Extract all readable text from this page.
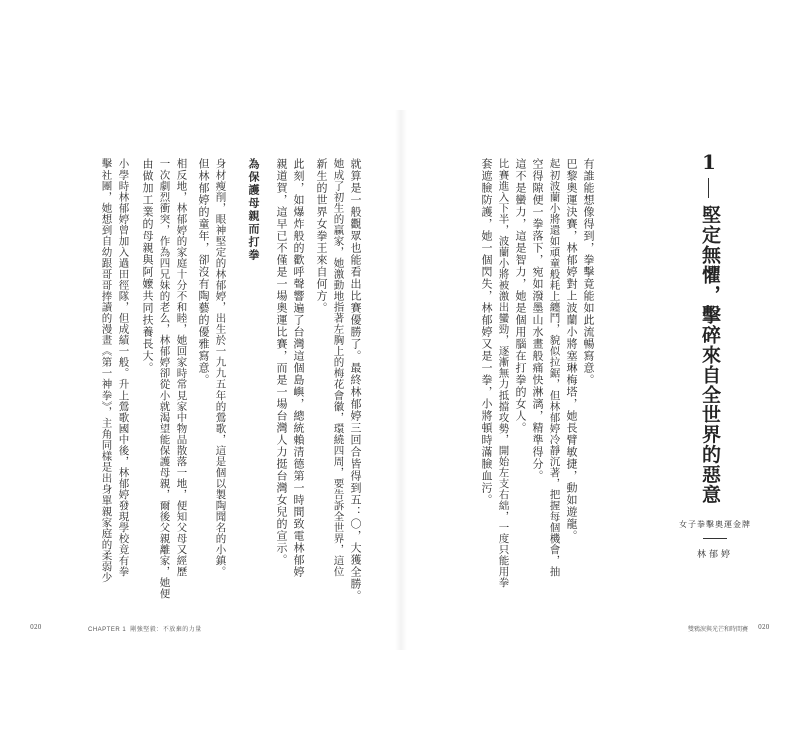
1

堅定無懼，擊碎來自全世界的惡意

有誰能想像得到，拳擊竟能如此流暢寫意。

巴黎奧運決賽，林郁婷對上波蘭小將塞琳梅塔，她長臂敏捷，動如遊龍。

起初波蘭小將還如頑童般耗上纏鬥，貌似拉鋸，但林郁婷冷靜沉著，把握每個機會，抽

空得隙便一拳落下，宛如潑墨山水畫般痛快淋漓，精準得分。

這不是蠻力，這是智力，她是個用腦在打拳的女人。

比賽進入下半，波蘭小將被激出蠻勁，逐漸無力抵擋攻勢，開始左支右絀，一度只能用拳

套遮臉防護，她一個閃失，林郁婷又是一拳，小將頓時滿臉血污。

女子拳擊奧運金牌

林郁婷

就算是一般觀眾也能看出比賽優勝了。最終林郁婷三回合皆得到五：〇，大獲全勝。

她成了初生的贏家，她激動地指著左胸上的梅花會徽，環繞四周，要告訴全世界，這位

新生的世界女拳王來自何方。

此刻，如爆炸般的歡呼聲響遍了台灣這個島嶼，總統賴清德第一時間致電林郁婷

親道賀，這早已不僅是一場奧運比賽，而是一場台灣人力挺台灣女兒的宣示。

為保護母親而打拳

身材瘦削，眼神堅定的林郁婷，出生於一九九五年的鶯歌，這是個以製陶聞名的小鎮。

但林郁婷的童年，卻沒有陶藝的優雅寫意。

相反地，林郁婷的家庭十分不和睦，她回家時常見家中物品散落一地，便知父母又經歷

一次劇烈衝突，作為四兄妹的老么，林郁婷卻從小就渴望能保護母親，爾後父親離家，她便

由做加工業的母親與阿嬤共同扶養長大。

小學時林郁婷曾加入過田徑隊，但成績一般。升上鶯歌國中後，林郁婷發現學校竟有拳

擊社團，她想到自幼跟哥哥捧讀的漫畫《第一神拳》，主角同樣是出身單親家庭的柔弱少

020	CHAPTER 1 剛強堅毅：不放棄的力量	雙鴉淚與光芒和時間賽 020
